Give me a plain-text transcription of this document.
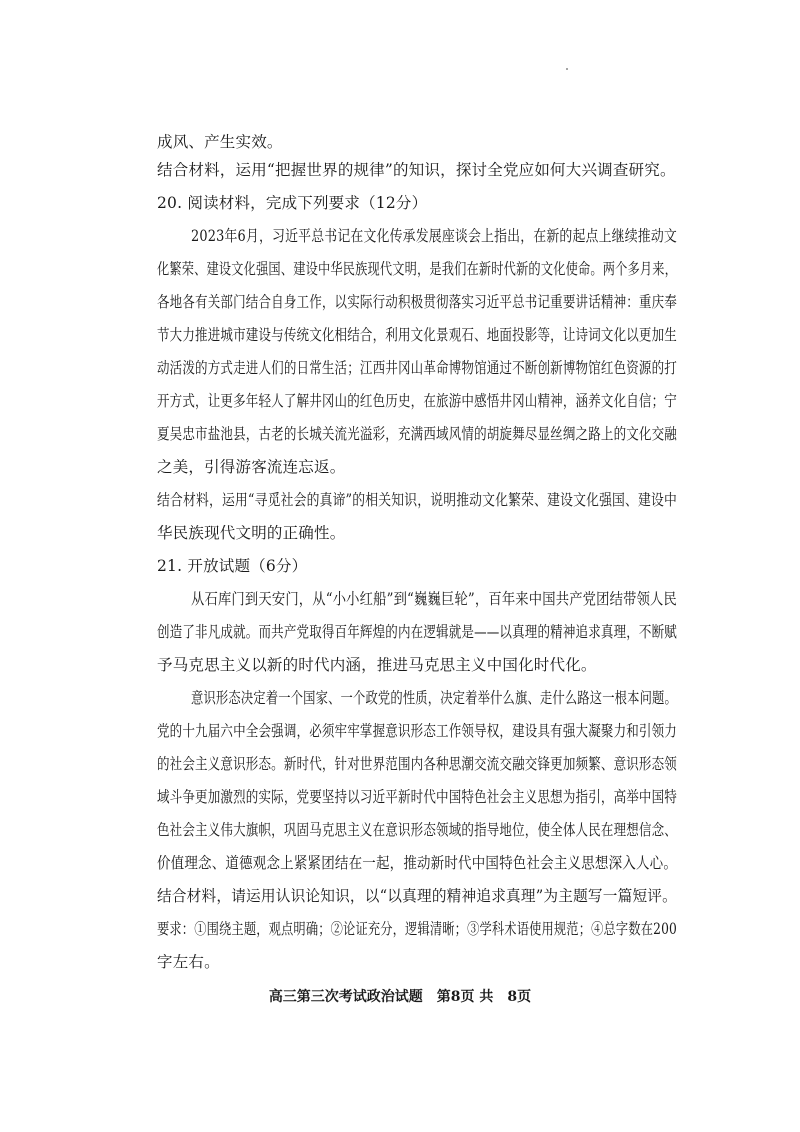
成风、产生实效。
结合材料，运用“把握世界的规律”的知识，探讨全党应如何大兴调查研究。
20. 阅读材料，完成下列要求（12分）
2023年6月，习近平总书记在文化传承发展座谈会上指出，在新的起点上继续推动文
化繁荣、建设文化强国、建设中华民族现代文明，是我们在新时代新的文化使命。两个多月来，
各地各有关部门结合自身工作，以实际行动积极贯彻落实习近平总书记重要讲话精神：重庆奉
节大力推进城市建设与传统文化相结合，利用文化景观石、地面投影等，让诗词文化以更加生
动活泼的方式走进人们的日常生活；江西井冈山革命博物馆通过不断创新博物馆红色资源的打
开方式，让更多年轻人了解井冈山的红色历史，在旅游中感悟井冈山精神，涵养文化自信；宁
夏吴忠市盐池县，古老的长城关流光溢彩，充满西域风情的胡旋舞尽显丝绸之路上的文化交融
之美，引得游客流连忘返。
结合材料，运用“寻觅社会的真谛”的相关知识，说明推动文化繁荣、建设文化强国、建设中
华民族现代文明的正确性。
21. 开放试题（6分）
从石库门到天安门，从“小小红船”到“巍巍巨轮”，百年来中国共产党团结带领人民
创造了非凡成就。而共产党取得百年辉煌的内在逻辑就是——以真理的精神追求真理，不断赋
予马克思主义以新的时代内涵，推进马克思主义中国化时代化。
意识形态决定着一个国家、一个政党的性质，决定着举什么旗、走什么路这一根本问题。
党的十九届六中全会强调，必须牢牢掌握意识形态工作领导权，建设具有强大凝聚力和引领力
的社会主义意识形态。新时代，针对世界范围内各种思潮交流交融交锋更加频繁、意识形态领
域斗争更加激烈的实际，党要坚持以习近平新时代中国特色社会主义思想为指引，高举中国特
色社会主义伟大旗帜，巩固马克思主义在意识形态领域的指导地位，使全体人民在理想信念、
价值理念、道德观念上紧紧团结在一起，推动新时代中国特色社会主义思想深入人心。
结合材料，请运用认识论知识，以“以真理的精神追求真理”为主题写一篇短评。
要求：①围绕主题，观点明确；②论证充分，逻辑清晰；③学科术语使用规范；④总字数在200
字左右。
高三第三次考试政治试题　第8页 共　8页
